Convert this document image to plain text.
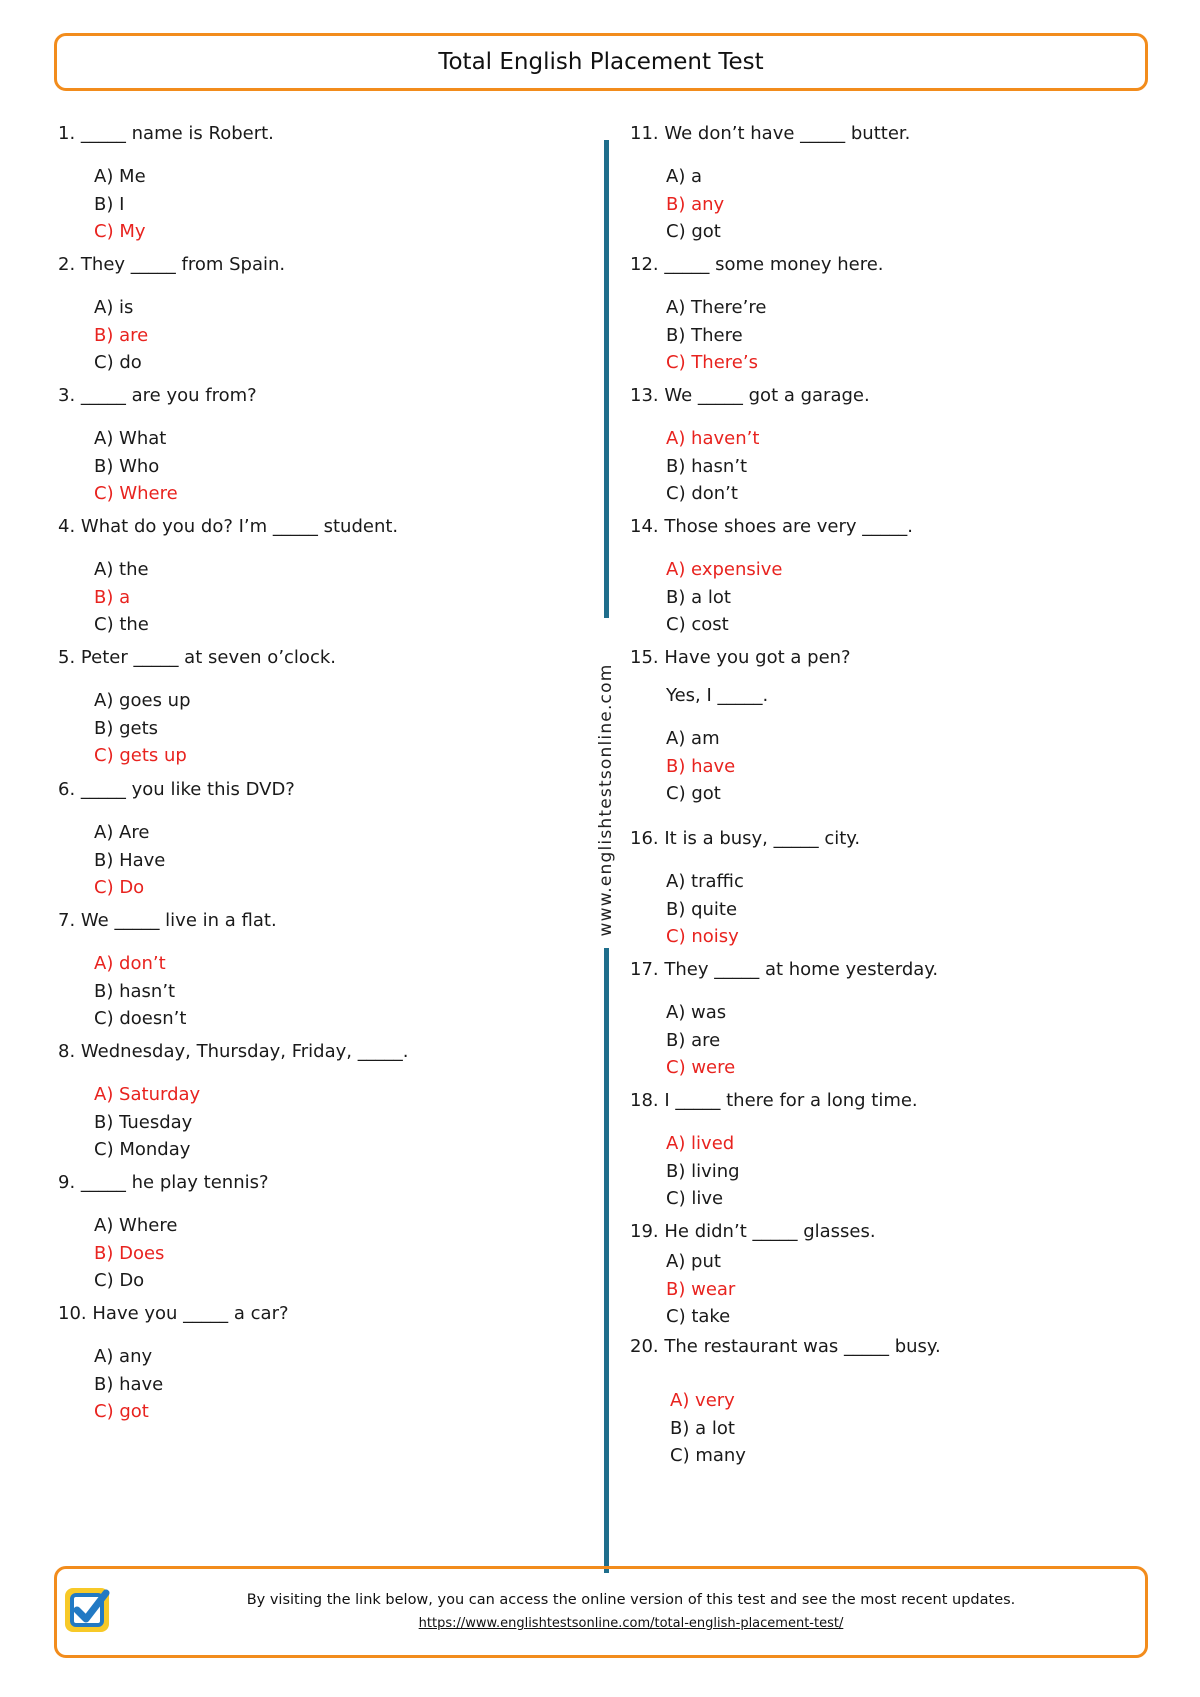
Total English Placement Test
1. _____ name is Robert.
A) Me
B) I
C) My
2. They _____ from Spain.
A) is
B) are
C) do
3. _____ are you from?
A) What
B) Who
C) Where
4. What do you do? I’m _____ student.
A) the
B) a
C) the
5. Peter _____ at seven o’clock.
A) goes up
B) gets
C) gets up
6. _____ you like this DVD?
A) Are
B) Have
C) Do
7. We _____ live in a flat.
A) don’t
B) hasn’t
C) doesn’t
8. Wednesday, Thursday, Friday, _____.
A) Saturday
B) Tuesday
C) Monday
9. _____ he play tennis?
A) Where
B) Does
C) Do
10. Have you _____ a car?
A) any
B) have
C) got
11. We don’t have _____ butter.
A) a
B) any
C) got
12. _____ some money here.
A) There’re
B) There
C) There’s
13. We _____ got a garage.
A) haven’t
B) hasn’t
C) don’t
14. Those shoes are very _____.
A) expensive
B) a lot
C) cost
15. Have you got a pen?
Yes, I _____.
A) am
B) have
C) got
16. It is a busy, _____ city.
A) traffic
B) quite
C) noisy
17. They _____ at home yesterday.
A) was
B) are
C) were
18. I _____ there for a long time.
A) lived
B) living
C) live
19. He didn’t _____ glasses.
A) put
B) wear
C) take
20. The restaurant was _____ busy.
A) very
B) a lot
C) many
www.englishtestsonline.com
By visiting the link below, you can access the online version of this test and see the most recent updates.
https://www.englishtestsonline.com/total-english-placement-test/
